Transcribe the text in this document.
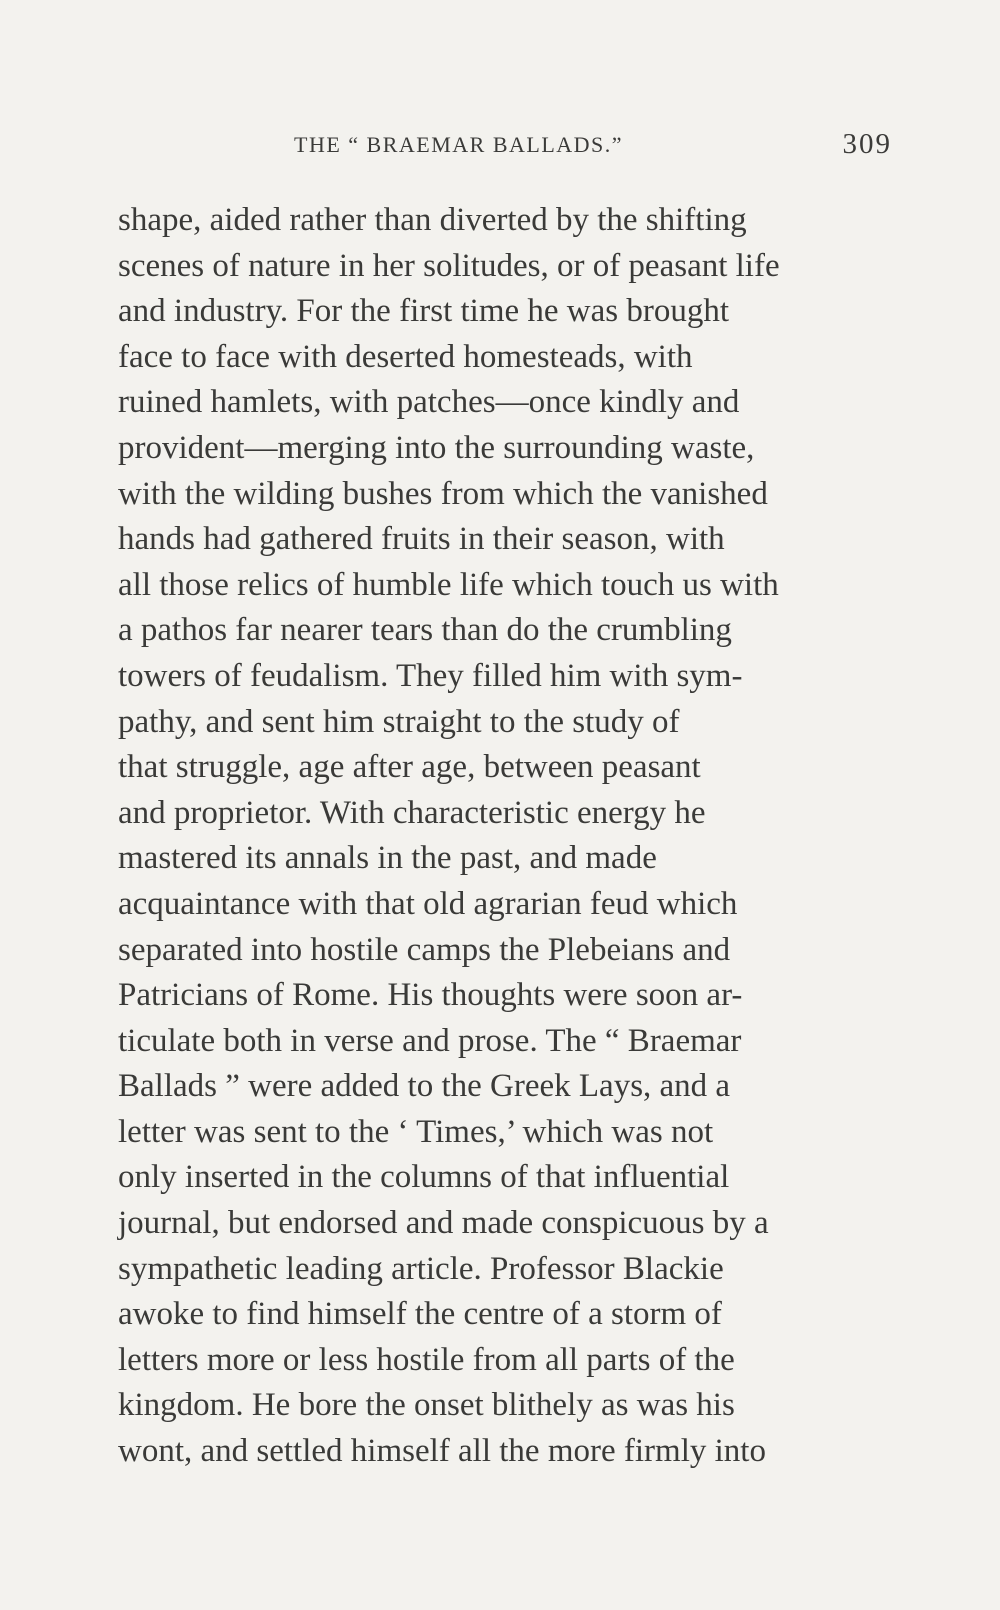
THE “ BRAEMAR BALLADS.”	309
shape, aided rather than diverted by the shifting
scenes of nature in her solitudes, or of peasant life
and industry. For the first time he was brought
face to face with deserted homesteads, with
ruined hamlets, with patches—once kindly and
provident—merging into the surrounding waste,
with the wilding bushes from which the vanished
hands had gathered fruits in their season, with
all those relics of humble life which touch us with
a pathos far nearer tears than do the crumbling
towers of feudalism. They filled him with sym-
pathy, and sent him straight to the study of
that struggle, age after age, between peasant
and proprietor. With characteristic energy he
mastered its annals in the past, and made
acquaintance with that old agrarian feud which
separated into hostile camps the Plebeians and
Patricians of Rome. His thoughts were soon ar-
ticulate both in verse and prose. The “ Braemar
Ballads ” were added to the Greek Lays, and a
letter was sent to the ‘ Times,’ which was not
only inserted in the columns of that influential
journal, but endorsed and made conspicuous by a
sympathetic leading article. Professor Blackie
awoke to find himself the centre of a storm of
letters more or less hostile from all parts of the
kingdom. He bore the onset blithely as was his
wont, and settled himself all the more firmly into
